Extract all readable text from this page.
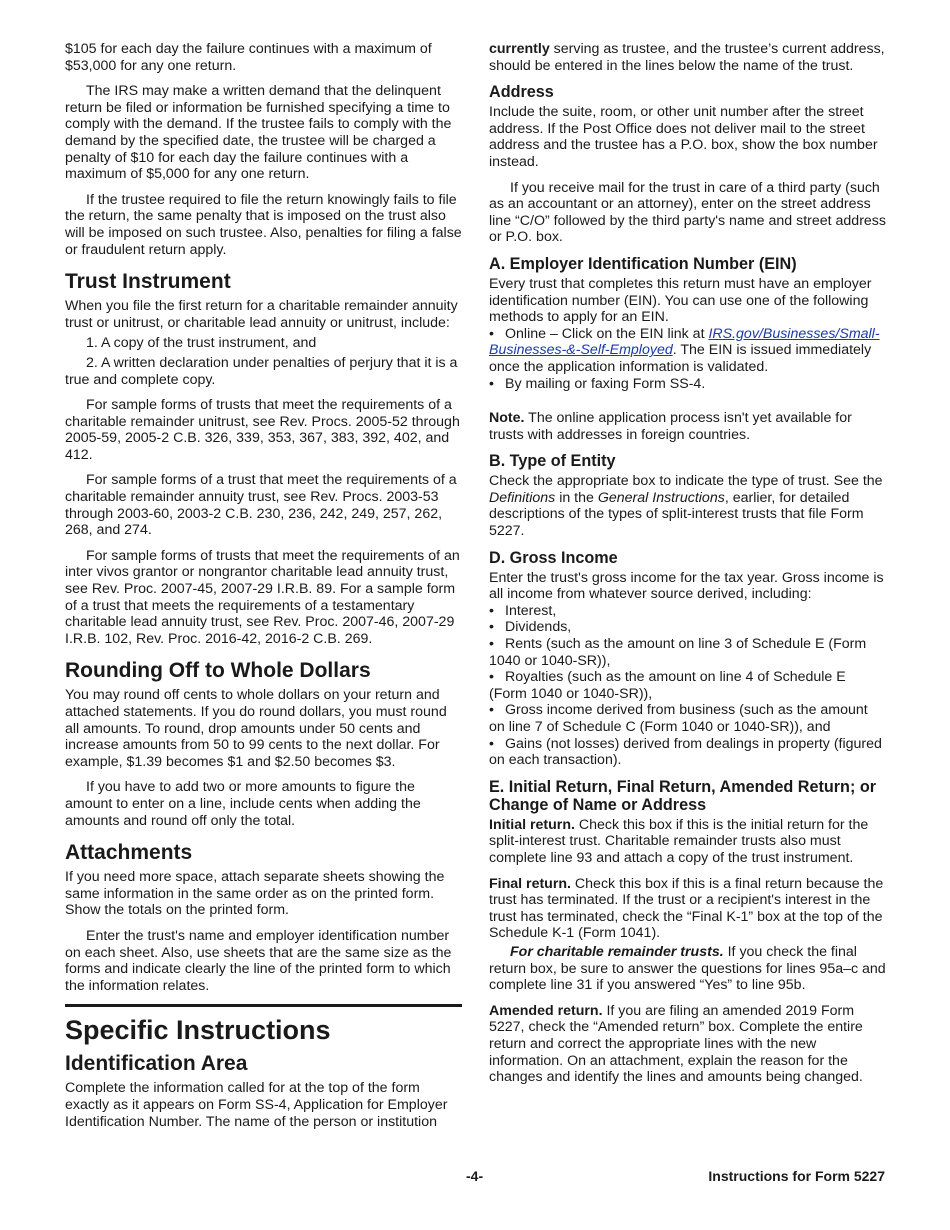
$105 for each day the failure continues with a maximum of $53,000 for any one return.

The IRS may make a written demand that the delinquent return be filed or information be furnished specifying a time to comply with the demand. If the trustee fails to comply with the demand by the specified date, the trustee will be charged a penalty of $10 for each day the failure continues with a maximum of $5,000 for any one return.

If the trustee required to file the return knowingly fails to file the return, the same penalty that is imposed on the trust also will be imposed on such trustee. Also, penalties for filing a false or fraudulent return apply.

Trust Instrument

When you file the first return for a charitable remainder annuity trust or unitrust, or charitable lead annuity or unitrust, include:

1. A copy of the trust instrument, and

2. A written declaration under penalties of perjury that it is a true and complete copy.

For sample forms of trusts that meet the requirements of a charitable remainder unitrust, see Rev. Procs. 2005-52 through 2005-59, 2005-2 C.B. 326, 339, 353, 367, 383, 392, 402, and 412.

For sample forms of a trust that meet the requirements of a charitable remainder annuity trust, see Rev. Procs. 2003-53 through 2003-60, 2003-2 C.B. 230, 236, 242, 249, 257, 262, 268, and 274.

For sample forms of trusts that meet the requirements of an inter vivos grantor or nongrantor charitable lead annuity trust, see Rev. Proc. 2007-45, 2007-29 I.R.B. 89. For a sample form of a trust that meets the requirements of a testamentary charitable lead annuity trust, see Rev. Proc. 2007-46, 2007-29 I.R.B. 102, Rev. Proc. 2016-42, 2016-2 C.B. 269.

Rounding Off to Whole Dollars

You may round off cents to whole dollars on your return and attached statements. If you do round dollars, you must round all amounts. To round, drop amounts under 50 cents and increase amounts from 50 to 99 cents to the next dollar. For example, $1.39 becomes $1 and $2.50 becomes $3.

If you have to add two or more amounts to figure the amount to enter on a line, include cents when adding the amounts and round off only the total.

Attachments

If you need more space, attach separate sheets showing the same information in the same order as on the printed form. Show the totals on the printed form.

Enter the trust's name and employer identification number on each sheet. Also, use sheets that are the same size as the forms and indicate clearly the line of the printed form to which the information relates.

Specific Instructions
Identification Area

Complete the information called for at the top of the form exactly as it appears on Form SS-4, Application for Employer Identification Number. The name of the person or institution

currently serving as trustee, and the trustee’s current address, should be entered in the lines below the name of the trust.

Address

Include the suite, room, or other unit number after the street address. If the Post Office does not deliver mail to the street address and the trustee has a P.O. box, show the box number instead.

If you receive mail for the trust in care of a third party (such as an accountant or an attorney), enter on the street address line “C/O” followed by the third party's name and street address or P.O. box.

A. Employer Identification Number (EIN)

Every trust that completes this return must have an employer identification number (EIN). You can use one of the following methods to apply for an EIN.

• Online – Click on the EIN link at IRS.gov/Businesses/Small-Businesses-&-Self-Employed. The EIN is issued immediately once the application information is validated.

• By mailing or faxing Form SS-4.

Note. The online application process isn't yet available for trusts with addresses in foreign countries.

B. Type of Entity

Check the appropriate box to indicate the type of trust. See the Definitions in the General Instructions, earlier, for detailed descriptions of the types of split-interest trusts that file Form 5227.

D. Gross Income

Enter the trust's gross income for the tax year. Gross income is all income from whatever source derived, including:

• Interest,

• Dividends,

• Rents (such as the amount on line 3 of Schedule E (Form 1040 or 1040-SR)),

• Royalties (such as the amount on line 4 of Schedule E (Form 1040 or 1040-SR)),

• Gross income derived from business (such as the amount on line 7 of Schedule C (Form 1040 or 1040-SR)), and

• Gains (not losses) derived from dealings in property (figured on each transaction).

E. Initial Return, Final Return, Amended Return; or Change of Name or Address

Initial return. Check this box if this is the initial return for the split-interest trust. Charitable remainder trusts also must complete line 93 and attach a copy of the trust instrument.

Final return. Check this box if this is a final return because the trust has terminated. If the trust or a recipient's interest in the trust has terminated, check the “Final K-1” box at the top of the Schedule K-1 (Form 1041).

For charitable remainder trusts. If you check the final return box, be sure to answer the questions for lines 95a–c and complete line 31 if you answered “Yes” to line 95b.

Amended return. If you are filing an amended 2019 Form 5227, check the “Amended return” box. Complete the entire return and correct the appropriate lines with the new information. On an attachment, explain the reason for the changes and identify the lines and amounts being changed.

-4-	Instructions for Form 5227
